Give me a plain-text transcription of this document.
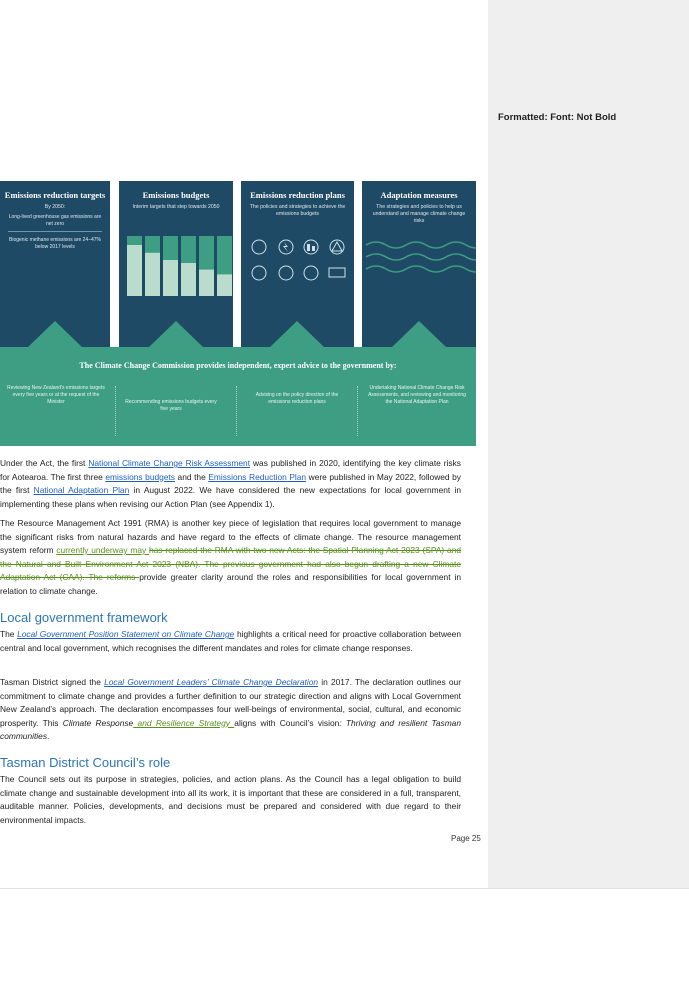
Formatted: Font: Not Bold
Emissions reduction targets
By 2050:
Long-lived greenhouse gas emissions are net zero
Biogenic methane emissions are 24–47% below 2017 levels
Emissions budgets
Interim targets that step towards 2050
Emissions reduction plans
The policies and strategies to achieve the emissions budgets
Adaptation measures
The strategies and policies to help us understand and manage climate change risks
The Climate Change Commission provides independent, expert advice to the government by:
Reviewing New Zealand's emissions targets every five years or at the request of the Minister	Recommending emissions budgets every five years
Advising on the policy direction of the emissions reduction plans
Undertaking National Climate Change Risk Assessments, and reviewing and monitoring the National Adaptation Plan
Under the Act, the first National Climate Change Risk Assessment was published in 2020, identifying the key climate risks for Aotearoa. The first three emissions budgets and the Emissions Reduction Plan were published in May 2022, followed by the first National Adaptation Plan in August 2022. We have considered the new expectations for local government in implementing these plans when revising our Action Plan (see Appendix 1).
The Resource Management Act 1991 (RMA) is another key piece of legislation that requires local government to manage the significant risks from natural hazards and have regard to the effects of climate change. The resource management system reform currently underway may has replaced the RMA with two new Acts: the Spatial Planning Act 2023 (SPA) and the Natural and Built Environment Act 2023 (NBA). The previous government had also begun drafting a new Climate Adaptation Act (CAA). The reforms provide greater clarity around the roles and responsibilities for local government in relation to climate change.
Local government framework
The Local Government Position Statement on Climate Change highlights a critical need for proactive collaboration between central and local government, which recognises the different mandates and roles for climate change responses.
Tasman District signed the Local Government Leaders’ Climate Change Declaration in 2017. The declaration outlines our commitment to climate change and provides a further definition to our strategic direction and aligns with Local Government New Zealand’s approach. The declaration encompasses four well-beings of environmental, social, cultural, and economic prosperity. This Climate Response and Resilience Strategy aligns with Council’s vision: Thriving and resilient Tasman communities.
Tasman District Council’s role
The Council sets out its purpose in strategies, policies, and action plans. As the Council has a legal obligation to build climate change and sustainable development into all its work, it is important that these are considered in a full, transparent, auditable manner. Policies, developments, and decisions must be prepared and considered with due regard to their environmental impacts.
Page 25
